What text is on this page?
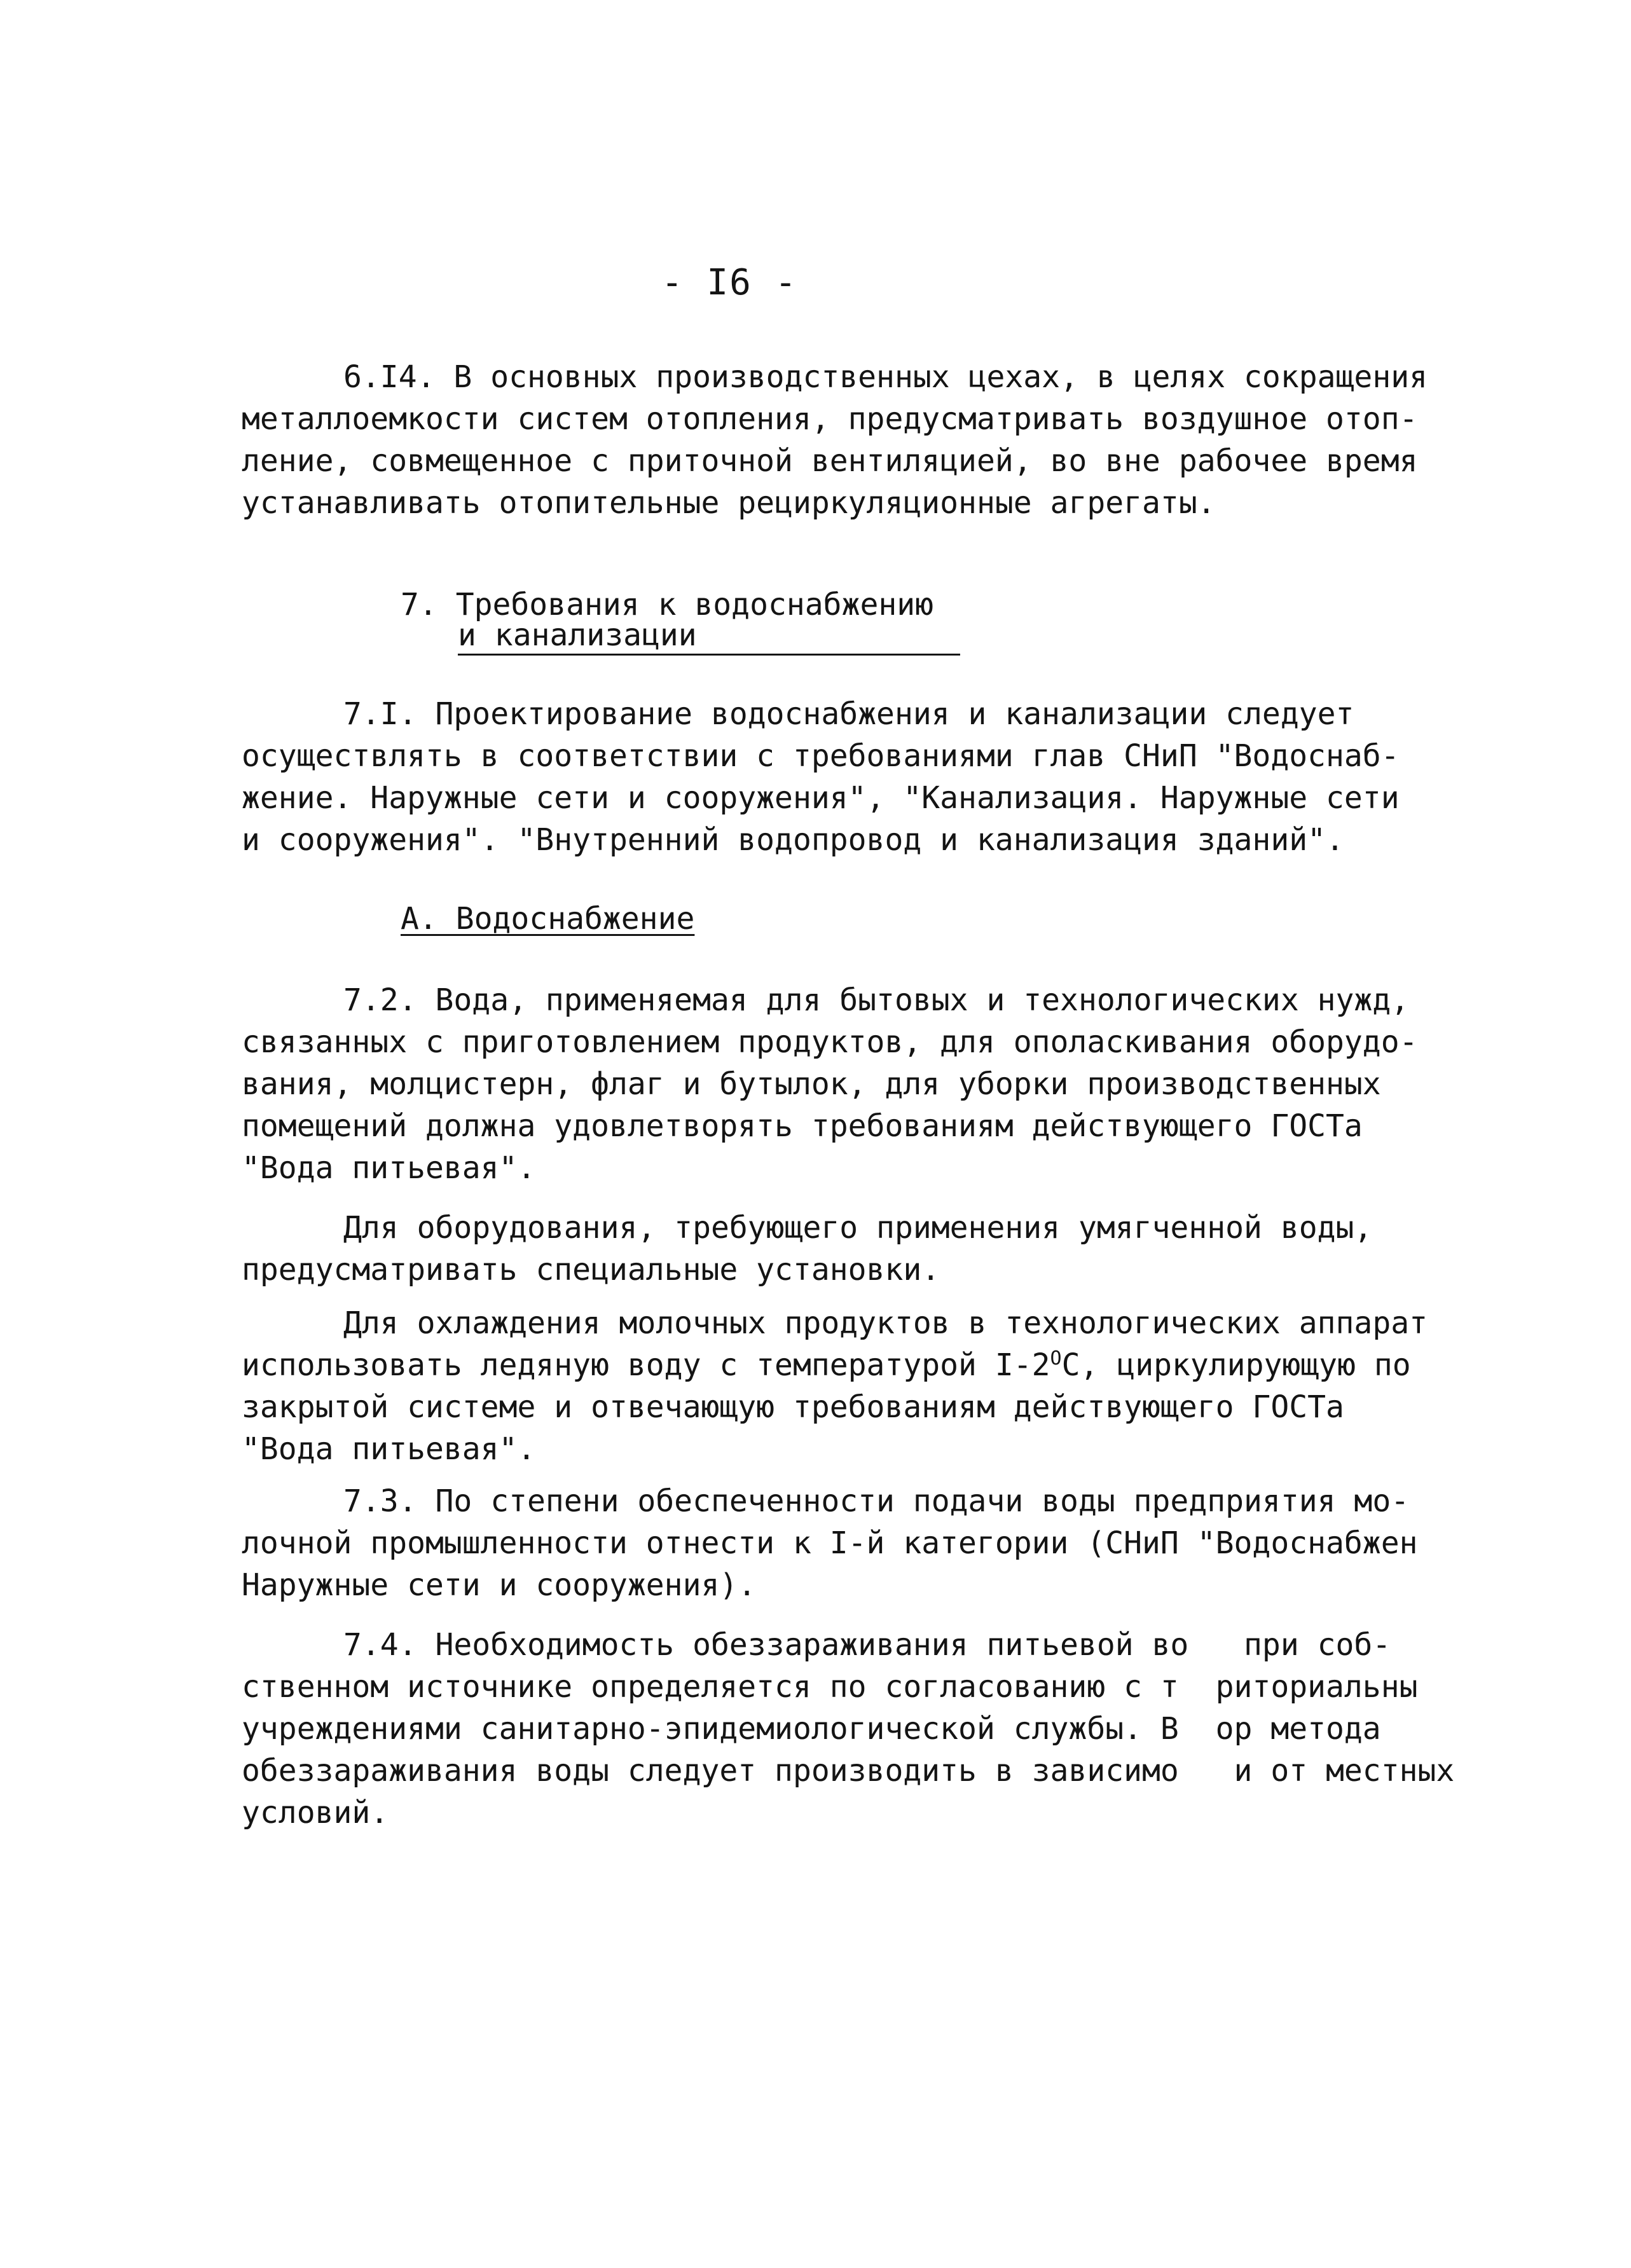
- I6 -
6.I4. В основных производственных цехах, в целях сокращения
металлоемкости систем отопления, предусматривать воздушное отоп-
ление, совмещенное с приточной вентиляцией, во вне рабочее время
устанавливать отопительные рециркуляционные агрегаты.
7. Требования к водоснабжению
и канализации
7.I. Проектирование водоснабжения и канализации следует
осуществлять в соответствии с требованиями глав СНиП "Водоснаб-
жение. Наружные сети и сооружения", "Канализация. Наружные сети
и сооружения". "Внутренний водопровод и канализация зданий".
А. Водоснабжение
7.2. Вода, применяемая для бытовых и технологических нужд,
связанных с приготовлением продуктов, для ополаскивания оборудо-
вания, молцистерн, флаг и бутылок, для уборки производственных
помещений должна удовлетворять требованиям действующего ГОСТа
"Вода питьевая".
Для оборудования, требующего применения умягченной воды,
предусматривать специальные установки.
Для охлаждения молочных продуктов в технологических аппарат
использовать ледяную воду с температурой $I-2^OС$, циркулирующую по
закрытой системе и отвечающую требованиям действующего ГОСТа
"Вода питьевая".
7.3. По степени обеспеченности подачи воды предприятия мо-
лочной промышленности отнести к I-й категории (СНиП "Водоснабжен
Наружные сети и сооружения).
7.4. Необходимость обеззараживания питьевой во   при соб-
ственном источнике определяется по согласованию с т  риториальны
учреждениями санитарно-эпидемиологической службы. В  ор метода
обеззараживания воды следует производить в зависимо   и от местных
условий.
